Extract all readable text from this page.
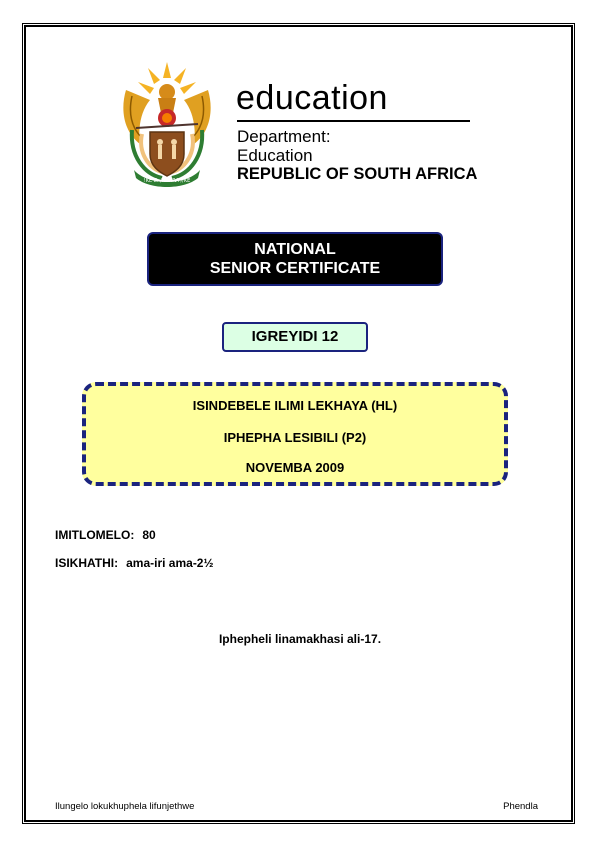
!KE E: /XARRA //KE
education
Department:
Education
REPUBLIC OF SOUTH AFRICA
NATIONAL
SENIOR CERTIFICATE
IGREYIDI 12
ISINDEBELE ILIMI LEKHAYA (HL)
IPHEPHA LESIBILI (P2)
NOVEMBA 2009
IMITLOMELO: 80
ISIKHATHI: ama-iri ama-2½
Iphepheli linamakhasi ali-17.
Ilungelo lokukhuphela lifunjethwe	Phendla
